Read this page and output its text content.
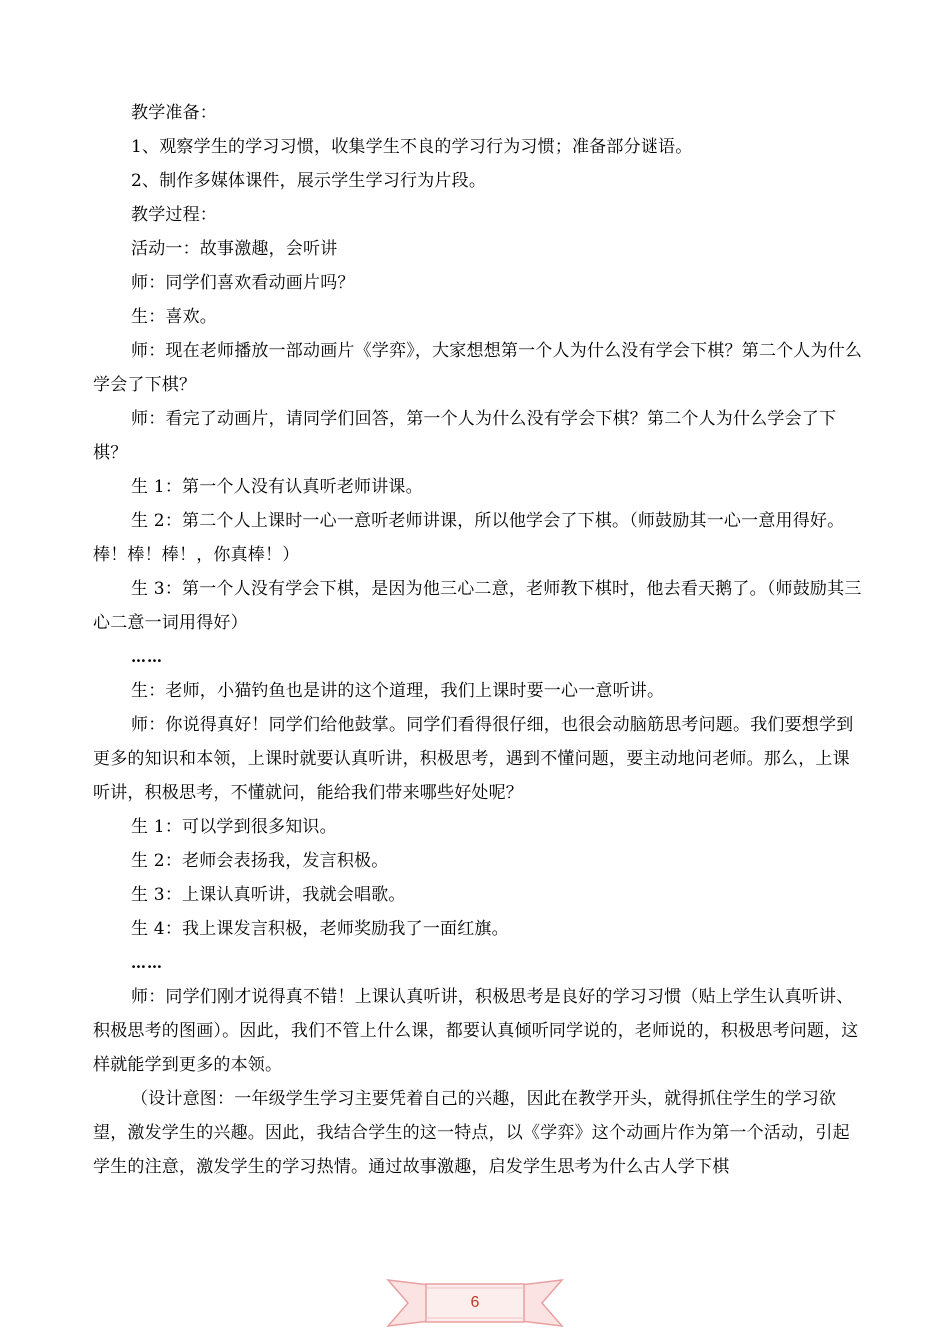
教学准备：

1、观察学生的学习习惯，收集学生不良的学习行为习惯；准备部分谜语。

2、制作多媒体课件，展示学生学习行为片段。

教学过程：

活动一：故事激趣，会听讲

师：同学们喜欢看动画片吗？

生：喜欢。

师：现在老师播放一部动画片《学弈》，大家想想第一个人为什么没有学会下棋？第二个人为什么学会了下棋？

师：看完了动画片，请同学们回答，第一个人为什么没有学会下棋？第二个人为什么学会了下棋？

生 1：第一个人没有认真听老师讲课。

生 2：第二个人上课时一心一意听老师讲课，所以他学会了下棋。（师鼓励其一心一意用得好。棒！棒！棒！，你真棒！）

生 3：第一个人没有学会下棋，是因为他三心二意，老师教下棋时，他去看天鹅了。（师鼓励其三心二意一词用得好）

……

生：老师，小猫钓鱼也是讲的这个道理，我们上课时要一心一意听讲。

师：你说得真好！同学们给他鼓掌。同学们看得很仔细，也很会动脑筋思考问题。我们要想学到更多的知识和本领，上课时就要认真听讲，积极思考，遇到不懂问题，要主动地问老师。那么，上课听讲，积极思考，不懂就问，能给我们带来哪些好处呢？

生 1：可以学到很多知识。

生 2：老师会表扬我，发言积极。

生 3：上课认真听讲，我就会唱歌。

生 4：我上课发言积极，老师奖励我了一面红旗。

……

师：同学们刚才说得真不错！上课认真听讲，积极思考是良好的学习习惯（贴上学生认真听讲、积极思考的图画）。因此，我们不管上什么课，都要认真倾听同学说的，老师说的，积极思考问题，这样就能学到更多的本领。

（设计意图：一年级学生学习主要凭着自己的兴趣，因此在教学开头，就得抓住学生的学习欲望，激发学生的兴趣。因此，我结合学生的这一特点，以《学弈》这个动画片作为第一个活动，引起学生的注意，激发学生的学习热情。通过故事激趣，启发学生思考为什么古人学下棋

6
